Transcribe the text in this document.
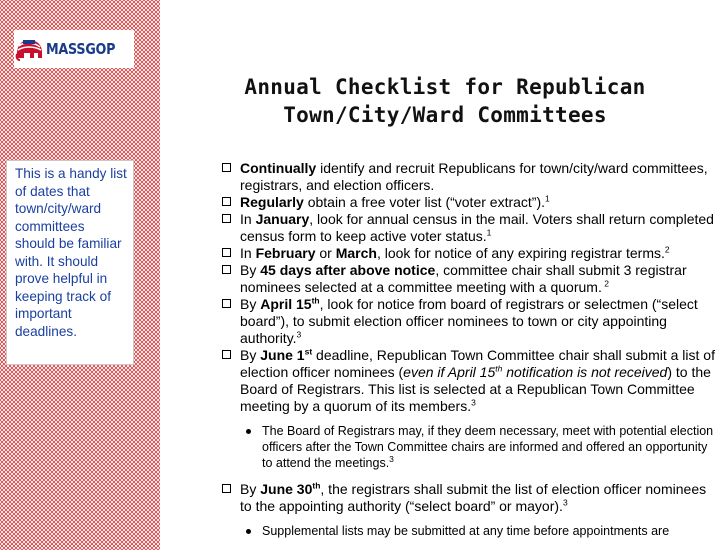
MASSGOP
This is a handy list of dates that town/city/ward committees should be familiar with. It should prove helpful in keeping track of important deadlines.
Annual Checklist for Republican
Town/City/Ward Committees

Continually identify and recruit Republicans for town/city/ward committees, registrars, and election officers.

Regularly obtain a free voter list (“voter extract”).$^1$

In January, look for annual census in the mail. Voters shall return completed census form to keep active voter status.$^1$

In February or March, look for notice of any expiring registrar terms.$^2$

By 45 days after above notice, committee chair shall submit 3 registrar nominees selected at a committee meeting with a quorum. $^2$

By April 15th, look for notice from board of registrars or selectmen (“select board”), to submit election officer nominees to town or city appointing authority.$^3$

By June 1st deadline, Republican Town Committee chair shall submit a list of election officer nominees (even if April 15th notification is not received) to the Board of Registrars. This list is selected at a Republican Town Committee meeting by a quorum of its members.$^3$

The Board of Registrars may, if they deem necessary, meet with potential election officers after the Town Committee chairs are informed and offered an opportunity to attend the meetings.$^3$

By June 30th, the registrars shall submit the list of election officer nominees to the appointing authority (“select board” or mayor).$^3$

Supplemental lists may be submitted at any time before appointments are
